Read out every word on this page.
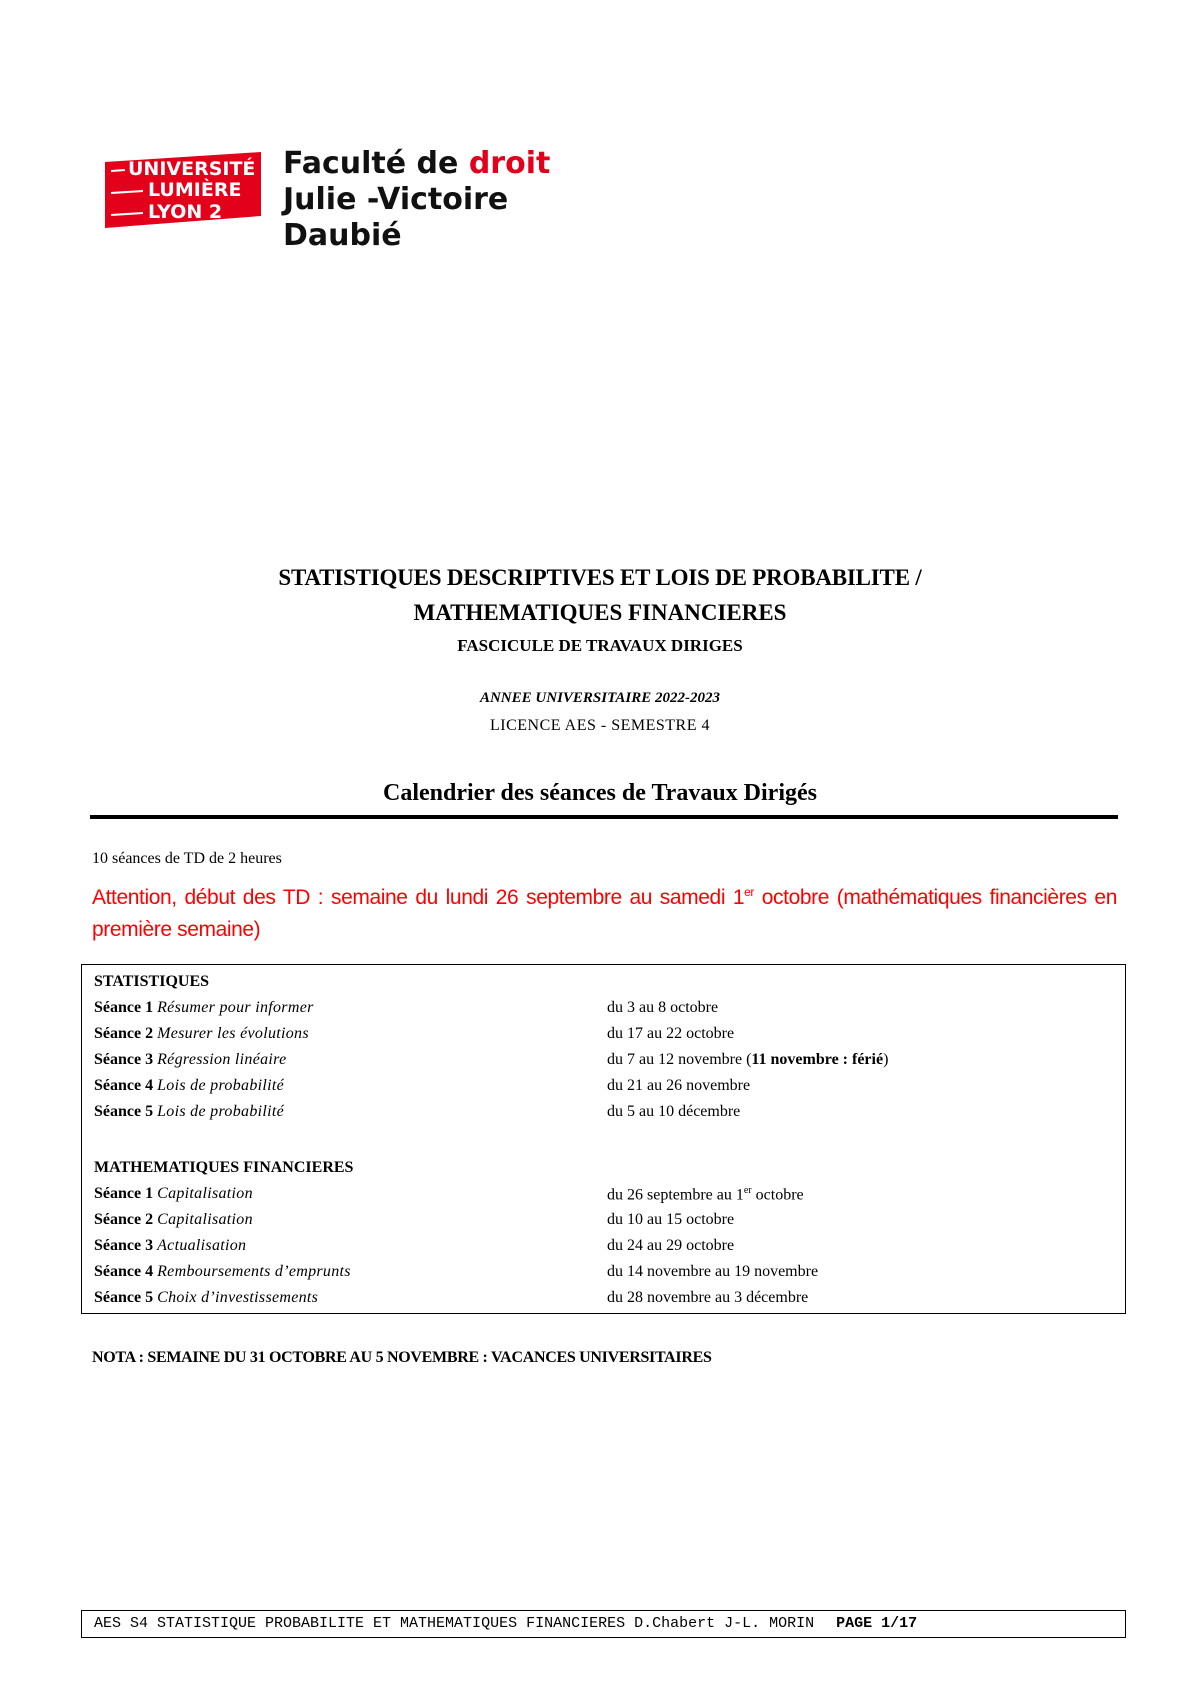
UNIVERSITÉ
LUMIÈRE
LYON 2
Faculté de droit
Julie -Victoire
Daubié
STATISTIQUES DESCRIPTIVES ET LOIS DE PROBABILITE /
MATHEMATIQUES FINANCIERES
FASCICULE DE TRAVAUX DIRIGES
ANNEE UNIVERSITAIRE 2022-2023
LICENCE AES - SEMESTRE 4
Calendrier des séances de Travaux Dirigés
10 séances de TD de 2 heures
Attention, début des TD : semaine du lundi 26 septembre au samedi 1er octobre (mathématiques financières en première semaine)
STATISTIQUES
Séance 1 Résumer pour informer	du 3 au 8 octobre
Séance 2 Mesurer les évolutions	du 17 au 22 octobre
Séance 3 Régression linéaire	du 7 au 12 novembre (11 novembre : férié)
Séance 4 Lois de probabilité	du 21 au 26 novembre
Séance 5 Lois de probabilité	du 5 au 10 décembre
MATHEMATIQUES FINANCIERES
Séance 1 Capitalisation	du 26 septembre au 1er octobre
Séance 2 Capitalisation	du 10 au 15 octobre
Séance 3 Actualisation	du 24 au 29 octobre
Séance 4 Remboursements d’emprunts	du 14 novembre au 19 novembre
Séance 5 Choix d’investissements	du 28 novembre au 3 décembre
NOTA : SEMAINE DU 31 OCTOBRE AU 5 NOVEMBRE : VACANCES UNIVERSITAIRES
AES S4 STATISTIQUE PROBABILITE ET MATHEMATIQUES FINANCIERES D.Chabert J-L. MORIN PAGE 1/17
